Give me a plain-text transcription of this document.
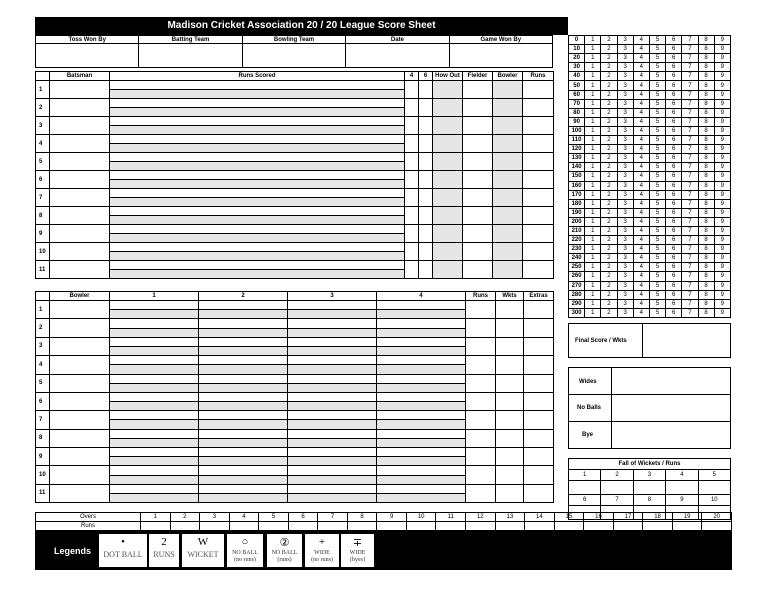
Madison Cricket Association 20 / 20 League Score Sheet
Toss Won By	Batting Team	Bowling Team	Date	Game Won By

	Batsman	Runs Scored	4	6	How Out	Fielder	Bowler	Runs
1								

2								

3								

4								

5								

6								

7								

8								

9								

10								

11								

	Bowler	1	2	3	4	Runs	Wkts	Extras
1								

2								

3								

4								

5								

6								

7								

8								

9								

10								

11								

Overs	1	2	3	4	5	6	7	8	9	10	11	12	13	14	15	16	17	18	19	20
Runs																				
0	1	2	3	4	5	6	7	8	9
10	1	2	3	4	5	6	7	8	9
20	1	2	3	4	5	6	7	8	9
30	1	2	3	4	5	6	7	8	9
40	1	2	3	4	5	6	7	8	9
50	1	2	3	4	5	6	7	8	9
60	1	2	3	4	5	6	7	8	9
70	1	2	3	4	5	6	7	8	9
80	1	2	3	4	5	6	7	8	9
90	1	2	3	4	5	6	7	8	9
100	1	2	3	4	5	6	7	8	9
110	1	2	3	4	5	6	7	8	9
120	1	2	3	4	5	6	7	8	9
130	1	2	3	4	5	6	7	8	9
140	1	2	3	4	5	6	7	8	9
150	1	2	3	4	5	6	7	8	9
160	1	2	3	4	5	6	7	8	9
170	1	2	3	4	5	6	7	8	9
180	1	2	3	4	5	6	7	8	9
190	1	2	3	4	5	6	7	8	9
200	1	2	3	4	5	6	7	8	9
210	1	2	3	4	5	6	7	8	9
220	1	2	3	4	5	6	7	8	9
230	1	2	3	4	5	6	7	8	9
240	1	2	3	4	5	6	7	8	9
250	1	2	3	4	5	6	7	8	9
260	1	2	3	4	5	6	7	8	9
270	1	2	3	4	5	6	7	8	9
280	1	2	3	4	5	6	7	8	9
290	1	2	3	4	5	6	7	8	9
300	1	2	3	4	5	6	7	8	9
Final Score / Wkts
Wides
No Balls
Bye
Fall of Wickets / Runs				
1	2	3	4	5

6	7	8	9	10

Legends
•
DOT BALL
2
RUNS
W
WICKET
○
NO BALL
(no runs)
②
NO BALL
(runs)
+
WIDE
(no runs)
∓
WIDE
(byes)
